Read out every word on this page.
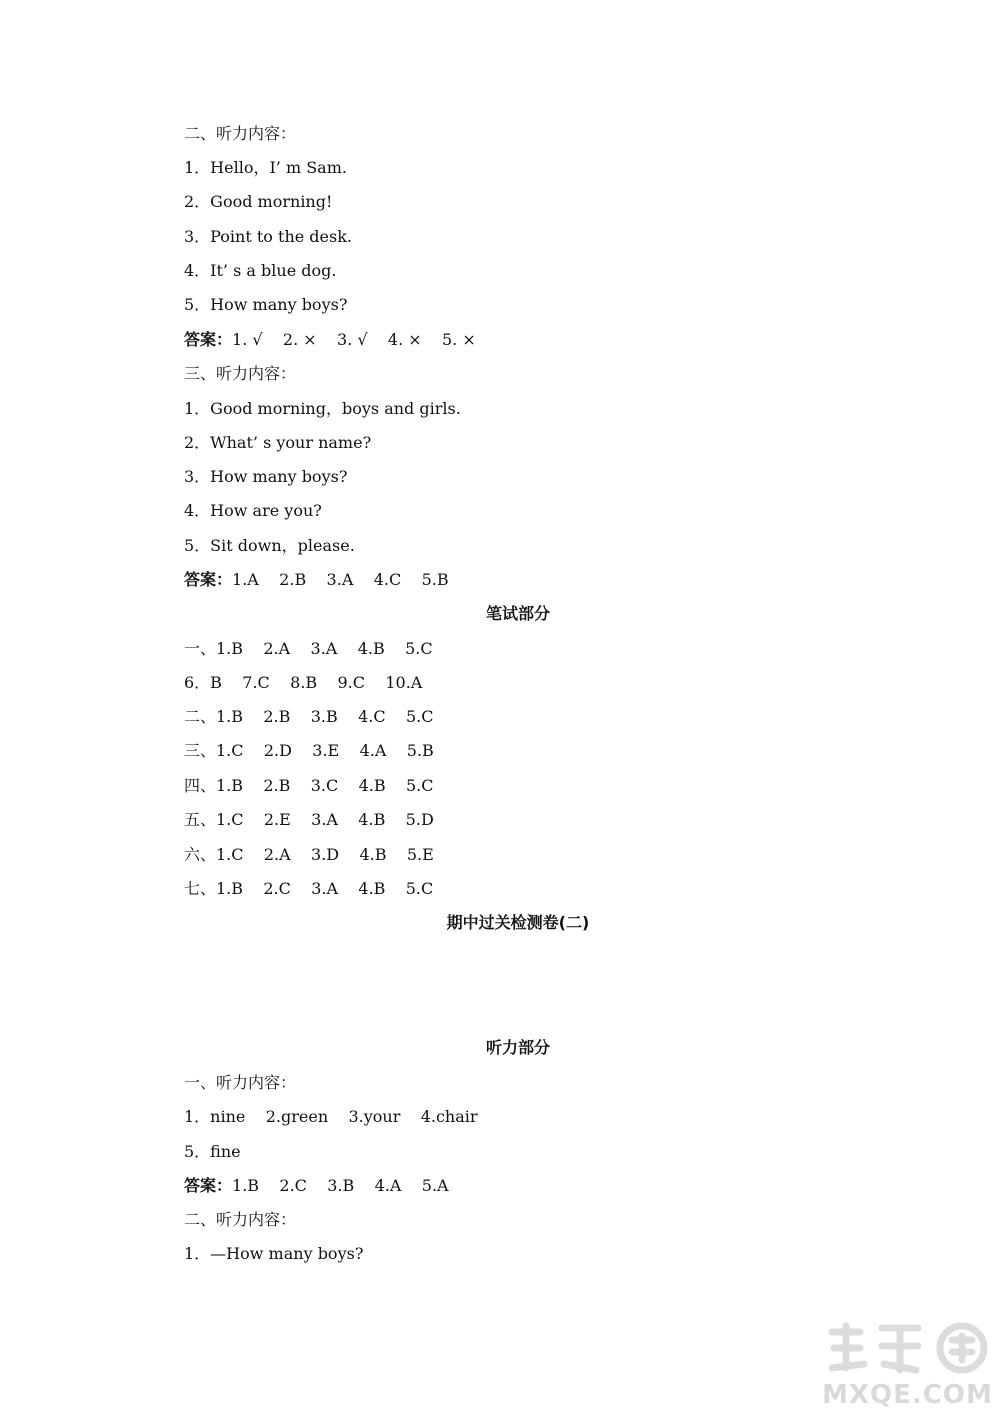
二、听力内容：
1．Hello，I’ m Sam.
2．Good morning!
3．Point to the desk.
4．It’ s a blue dog.
5．How many boys?
答案：1. √    2. ×    3. √    4. ×    5. ×
三、听力内容：
1．Good morning，boys and girls.
2．What’ s your name?
3．How many boys?
4．How are you?
5．Sit down，please.
答案：1.A    2.B    3.A    4.C    5.B
笔试部分
一、1.B    2.A    3.A    4.B    5.C
6．B    7.C    8.B    9.C    10.A
二、1.B    2.B    3.B    4.C    5.C
三、1.C    2.D    3.E    4.A    5.B
四、1.B    2.B    3.C    4.B    5.C
五、1.C    2.E    3.A    4.B    5.D
六、1.C    2.A    3.D    4.B    5.E
七、1.B    2.C    3.A    4.B    5.C
期中过关检测卷(二)
听力部分
一、听力内容：
1．nine    2.green    3.your    4.chair
5．fine
答案：1.B    2.C    3.B    4.A    5.A
二、听力内容：
1．—How many boys?
MXQE.COM
